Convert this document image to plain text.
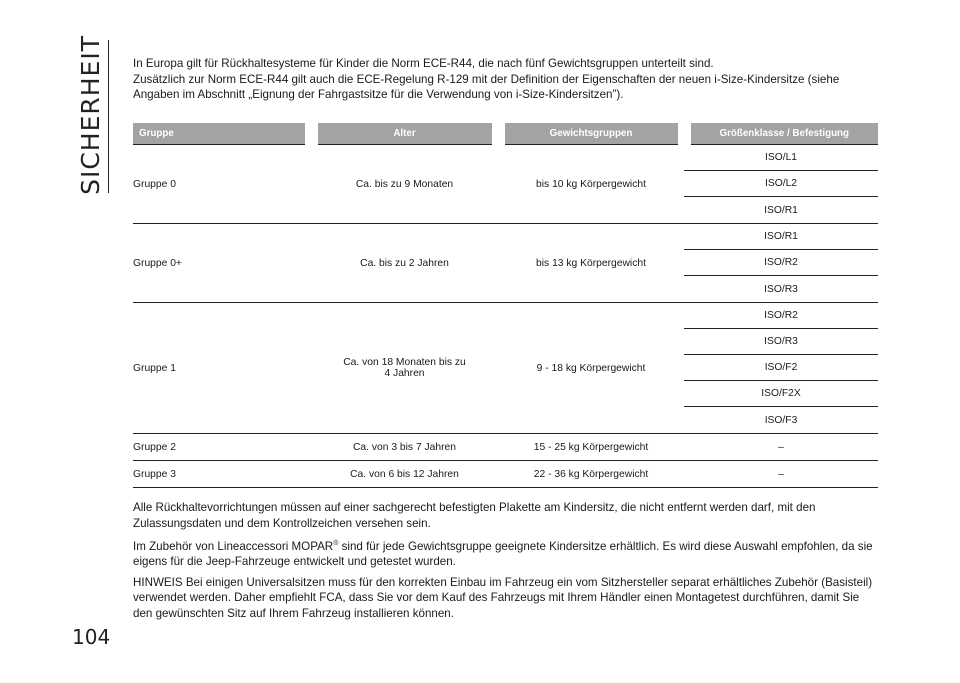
SICHERHEIT In Europa gilt für Rückhaltesysteme für Kinder die Norm ECE-R44, die nach fünf Gewichtsgruppen unterteilt sind.

Zusätzlich zur Norm ECE-R44 gilt auch die ECE-Regelung R-129 mit der Definition der Eigenschaften der neuen i-Size-Kindersitze (siehe Angaben im Abschnitt „Eignung der Fahrgastsitze für die Verwendung von i-Size-Kindersitzen”).

Gruppe	Alter	Gewichtsgruppen	Größenklasse / Befestigung
Gruppe 0	Ca. bis zu 9 Monaten	bis 10 kg Körpergewicht	ISO/L1
			ISO/L2
			ISO/R1
Gruppe 0+	Ca. bis zu 2 Jahren	bis 13 kg Körpergewicht	ISO/R1
			ISO/R2
			ISO/R3
Gruppe 1	Ca. von 18 Monaten bis zu 4 Jahren	9 - 18 kg Körpergewicht	ISO/R2
			ISO/R3
			ISO/F2
			ISO/F2X
			ISO/F3
Gruppe 2	Ca. von 3 bis 7 Jahren	15 - 25 kg Körpergewicht	–
Gruppe 3	Ca. von 6 bis 12 Jahren	22 - 36 kg Körpergewicht	–

Alle Rückhaltevorrichtungen müssen auf einer sachgerecht befestigten Plakette am Kindersitz, die nicht entfernt werden darf, mit den Zulassungsdaten und dem Kontrollzeichen versehen sein.

Im Zubehör von Lineaccessori MOPAR® sind für jede Gewichtsgruppe geeignete Kindersitze erhältlich. Es wird diese Auswahl empfohlen, da sie eigens für die Jeep-Fahrzeuge entwickelt und getestet wurden.

HINWEIS Bei einigen Universalsitzen muss für den korrekten Einbau im Fahrzeug ein vom Sitzhersteller separat erhältliches Zubehör (Basisteil) verwendet werden. Daher empfiehlt FCA, dass Sie vor dem Kauf des Fahrzeugs mit Ihrem Händler einen Montagetest durchführen, damit Sie den gewünschten Sitz auf Ihrem Fahrzeug installieren können.

104
